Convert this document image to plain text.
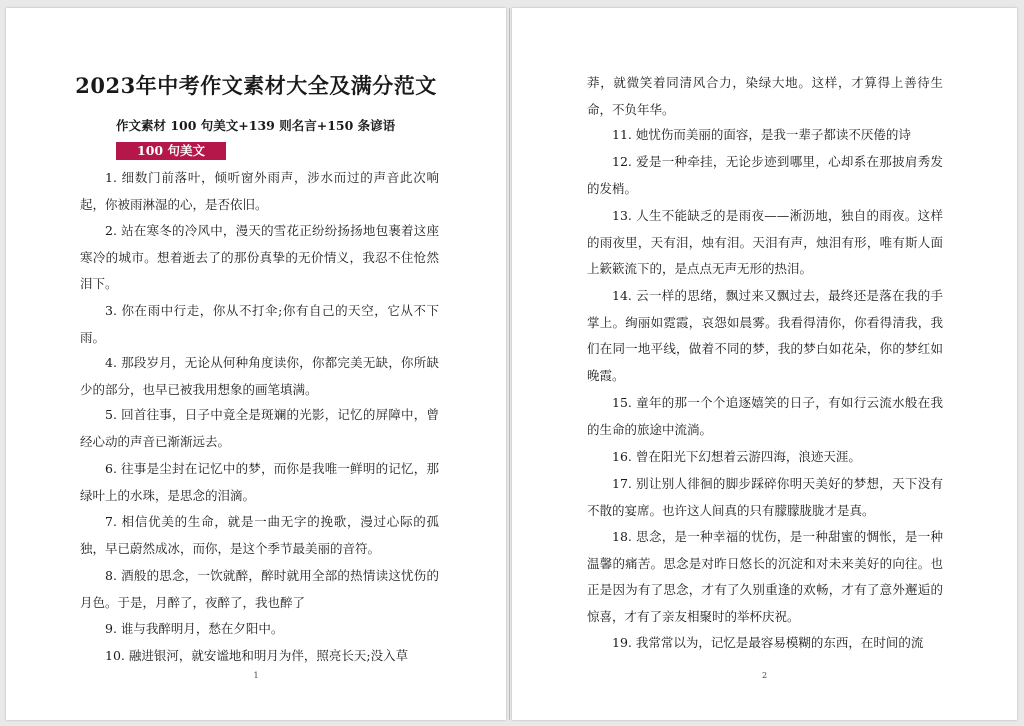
2023年中考作文素材大全及满分范文
作文素材 100 句美文+139 则名言+150 条谚语
100 句美文

1. 细数门前落叶，倾听窗外雨声，涉水而过的声音此次响起，你被雨淋湿的心，是否依旧。

2. 站在寒冬的冷风中，漫天的雪花正纷纷扬扬地包裹着这座寒冷的城市。想着逝去了的那份真挚的无价情义，我忍不住怆然泪下。

3. 你在雨中行走，你从不打伞;你有自己的天空，它从不下雨。

4. 那段岁月，无论从何种角度读你，你都完美无缺，你所缺少的部分，也早已被我用想象的画笔填满。

5. 回首往事，日子中竟全是斑斓的光影，记忆的屏障中，曾经心动的声音已渐渐远去。

6. 往事是尘封在记忆中的梦，而你是我唯一鲜明的记忆，那绿叶上的水珠，是思念的泪滴。

7. 相信优美的生命，就是一曲无字的挽歌，漫过心际的孤独，早已蔚然成冰，而你，是这个季节最美丽的音符。

8. 酒般的思念，一饮就醉，醉时就用全部的热情读这忧伤的月色。于是，月醉了，夜醉了，我也醉了

9. 谁与我醉明月，愁在夕阳中。

10. 融进银河，就安谧地和明月为伴，照亮长天;没入草

1

莽，就微笑着同清风合力，染绿大地。这样，才算得上善待生命，不负年华。

11. 她忧伤而美丽的面容，是我一辈子都读不厌倦的诗

12. 爱是一种牵挂，无论步迹到哪里，心却系在那披肩秀发的发梢。

13. 人生不能缺乏的是雨夜——淅沥地，独自的雨夜。这样的雨夜里，天有泪，烛有泪。天泪有声，烛泪有形，唯有斯人面上簌簌流下的，是点点无声无形的热泪。

14. 云一样的思绪，飘过来又飘过去，最终还是落在我的手掌上。绚丽如霓霞，哀怨如晨雾。我看得清你，你看得清我，我们在同一地平线，做着不同的梦，我的梦白如花朵，你的梦红如晚霞。

15. 童年的那一个个追逐嬉笑的日子，有如行云流水般在我的生命的旅途中流淌。

16. 曾在阳光下幻想着云游四海，浪迹天涯。

17. 别让别人徘徊的脚步踩碎你明天美好的梦想，天下没有不散的宴席。也许这人间真的只有朦朦胧胧才是真。

18. 思念，是一种幸福的忧伤，是一种甜蜜的惆怅，是一种温馨的痛苦。思念是对昨日悠长的沉淀和对未来美好的向往。也正是因为有了思念，才有了久别重逢的欢畅，才有了意外邂逅的惊喜，才有了亲友相聚时的举杯庆祝。

19. 我常常以为，记忆是最容易模糊的东西，在时间的流

2
